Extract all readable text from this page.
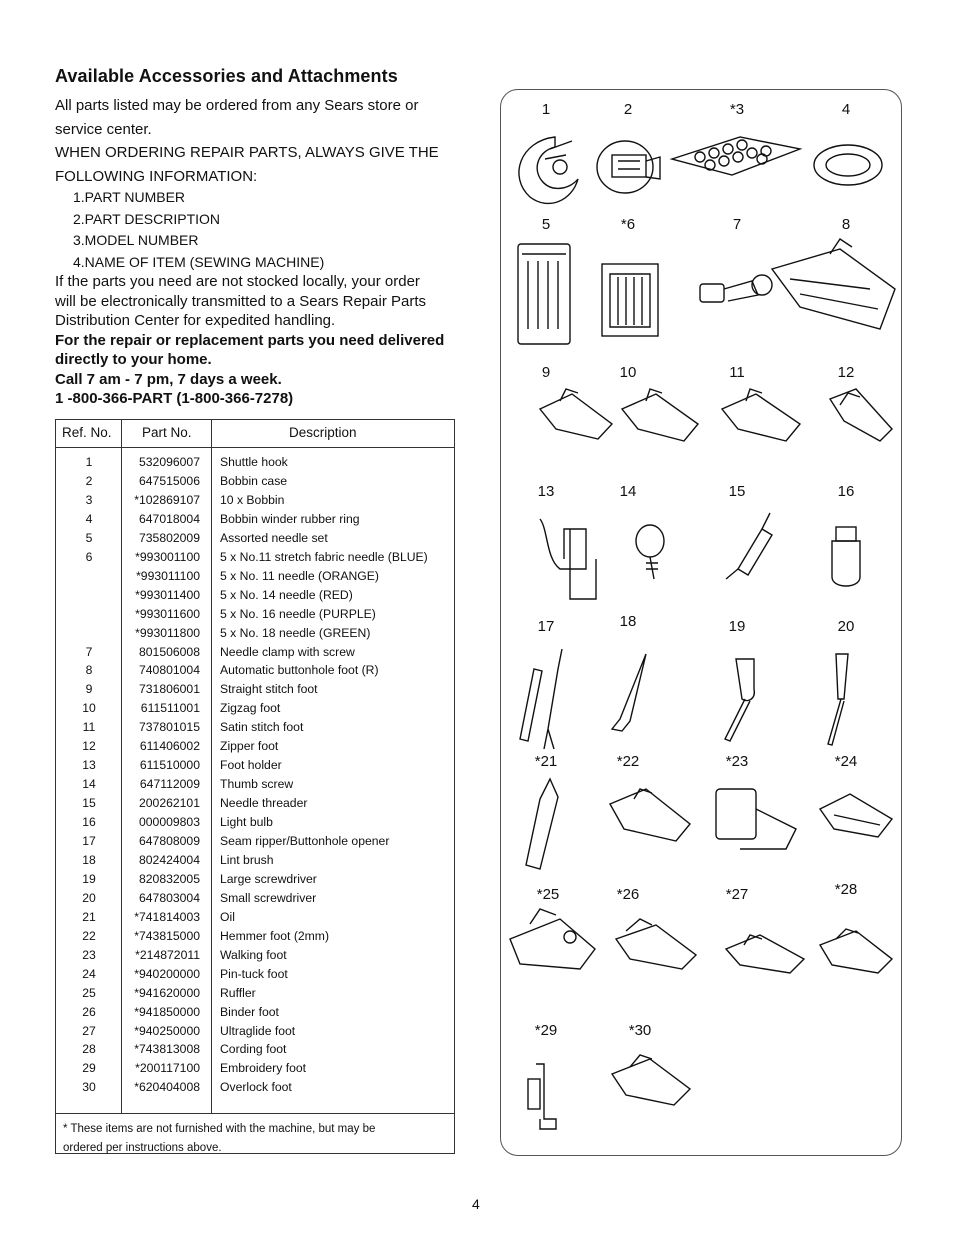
Available Accessories and Attachments

All parts listed may be ordered from any Sears store or

service center.

WHEN ORDERING REPAIR PARTS, ALWAYS GIVE THE

FOLLOWING INFORMATION:

1.PART NUMBER
2.PART DESCRIPTION
3.MODEL NUMBER
4.NAME OF ITEM (SEWING MACHINE)
If the parts you need are not stocked locally, your order
will be electronically transmitted to a Sears Repair Parts
Distribution Center for expedited handling.
For the repair or replacement parts you need delivered
directly to your home.
Call 7 am - 7 pm, 7 days a week.
1 -800-366-PART (1-800-366-7278)
Ref. No. Part No.	Description
1	532096007 Shuttle hook
2	647515006 Bobbin case
3	*102869107 10 x Bobbin
4	647018004 Bobbin winder rubber ring
5	735802009 Assorted needle set
6	*993001100 5 x No.11 stretch fabric needle (BLUE)
*993011100 5 x No. 11 needle (ORANGE)
*993011400 5 x No. 14 needle (RED)
*993011600 5 x No. 16 needle (PURPLE)
*993011800 5 x No. 18 needle (GREEN)
7	801506008 Needle clamp with screw
8	740801004 Automatic buttonhole foot (R)
9	731806001 Straight stitch foot
10	611511001 Zigzag foot
11	737801015 Satin stitch foot
12	611406002 Zipper foot
13	611510000 Foot holder
14	647112009 Thumb screw
15	200262101 Needle threader
16	000009803 Light bulb
17	647808009 Seam ripper/Buttonhole opener
18	802424004 Lint brush
19	820832005 Large screwdriver
20	647803004 Small screwdriver
21	*741814003 Oil
22	*743815000 Hemmer foot (2mm)
23	*214872011 Walking foot
24	*940200000 Pin-tuck foot
25	*941620000 Ruffler
26	*941850000 Binder foot
27	*940250000 Ultraglide foot
28	*743813008 Cording foot
29	*200117100 Embroidery foot
30	*620404008 Overlock foot
* These items are not furnished with the machine, but may be
ordered per instructions above.
1	2	*3	4
5	*6	7	8
9	10	11	12
13	14	15	16
17	18	19	20
*21	*22	*23	*24
*25	*26	*27	*28
*29	*30
4
